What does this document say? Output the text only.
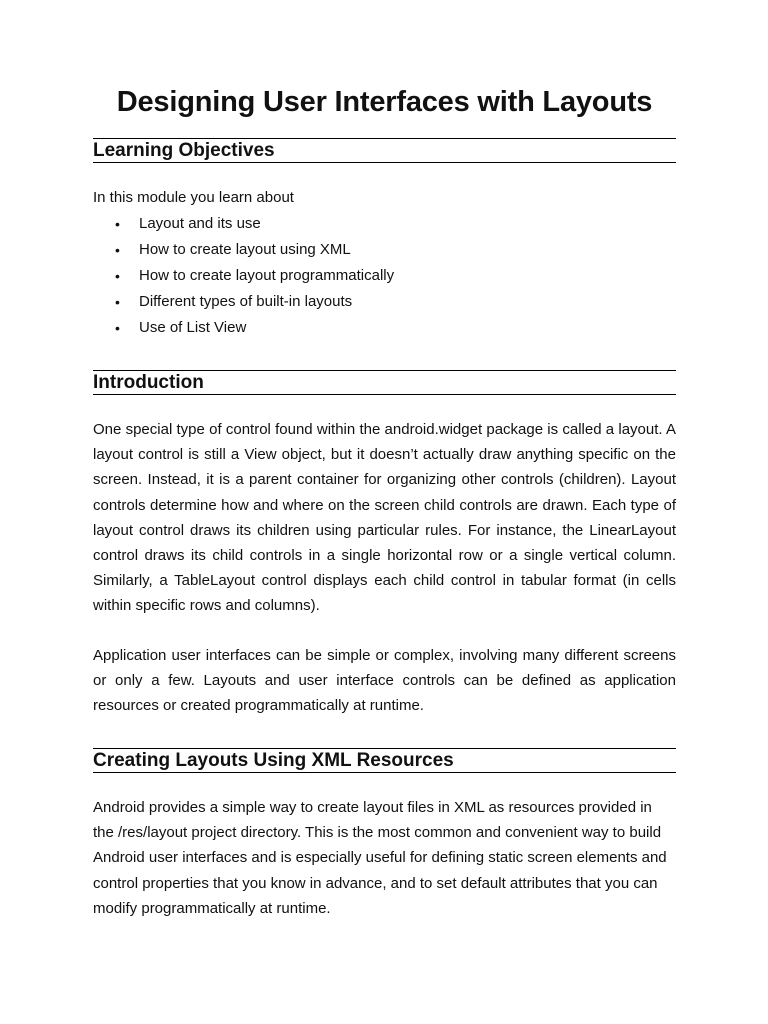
Designing User Interfaces with Layouts
Learning Objectives

In this module you learn about

• Layout and its use
• How to create layout using XML
• How to create layout programmatically
• Different types of built-in layouts
• Use of List View
Introduction

One special type of control found within the android.widget package is called a layout. A layout control is still a View object, but it doesn’t actually draw anything specific on the screen. Instead, it is a parent container for organizing other controls (children). Layout controls determine how and where on the screen child controls are drawn. Each type of layout control draws its children using particular rules. For instance, the LinearLayout control draws its child controls in a single horizontal row or a single vertical column. Similarly, a TableLayout control displays each child control in tabular format (in cells within specific rows and columns).

Application user interfaces can be simple or complex, involving many different screens or only a few. Layouts and user interface controls can be defined as application resources or created programmatically at runtime.

Creating Layouts Using XML Resources

Android provides a simple way to create layout files in XML as resources provided in the /res/layout project directory. This is the most common and convenient way to build Android user interfaces and is especially useful for defining static screen elements and control properties that you know in advance, and to set default attributes that you can modify programmatically at runtime.
